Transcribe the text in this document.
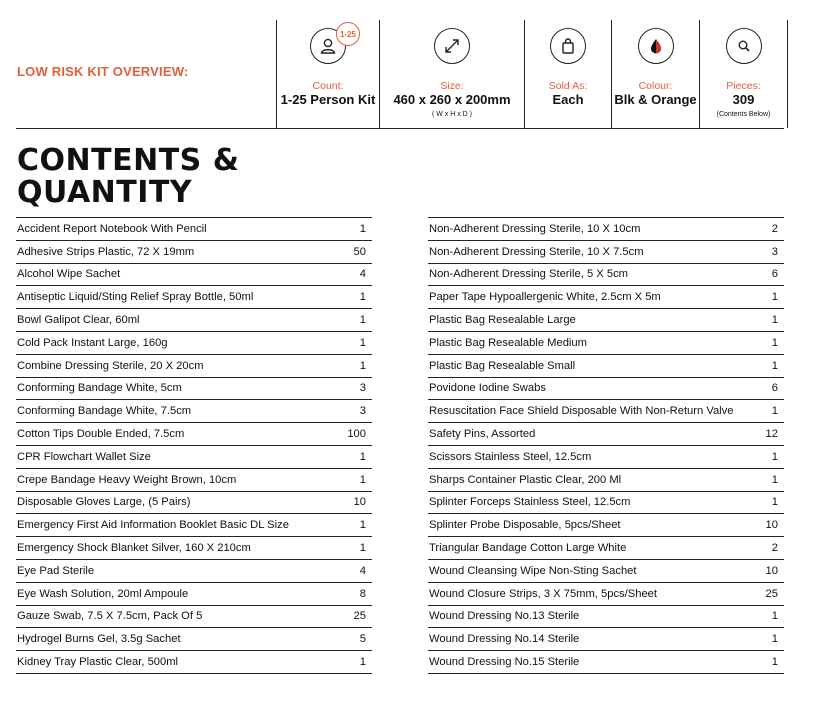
LOW RISK KIT OVERVIEW:
1-25
Count:
1-25 Person Kit
Size:
460 x 260 x 200mm
( W x H x D )
Sold As:
Each
Colour:
Blk & Orange
Pieces:
309
(Contents Below)
CONTENTS & QUANTITY
Accident Report Notebook With Pencil	1
Adhesive Strips Plastic, 72 X 19mm	50
Alcohol Wipe Sachet	4
Antiseptic Liquid/Sting Relief Spray Bottle, 50ml	1
Bowl Galipot Clear, 60ml	1
Cold Pack Instant Large, 160g	1
Combine Dressing Sterile, 20 X 20cm	1
Conforming Bandage White, 5cm	3
Conforming Bandage White, 7.5cm	3
Cotton Tips Double Ended, 7.5cm	100
CPR Flowchart Wallet Size	1
Crepe Bandage Heavy Weight Brown, 10cm	1
Disposable Gloves Large, (5 Pairs)	10
Emergency First Aid Information Booklet Basic DL Size	1
Emergency Shock Blanket Silver, 160 X 210cm	1
Eye Pad Sterile	4
Eye Wash Solution, 20ml Ampoule	8
Gauze Swab, 7.5 X 7.5cm, Pack Of 5	25
Hydrogel Burns Gel, 3.5g Sachet	5
Kidney Tray Plastic Clear, 500ml	1
Non-Adherent Dressing Sterile, 10 X 10cm	2
Non-Adherent Dressing Sterile, 10 X 7.5cm	3
Non-Adherent Dressing Sterile, 5 X 5cm	6
Paper Tape Hypoallergenic White, 2.5cm X 5m	1
Plastic Bag Resealable Large	1
Plastic Bag Resealable Medium	1
Plastic Bag Resealable Small	1
Povidone Iodine Swabs	6
Resuscitation Face Shield Disposable With Non-Return Valve	1
Safety Pins, Assorted	12
Scissors Stainless Steel, 12.5cm	1
Sharps Container Plastic Clear, 200 Ml	1
Splinter Forceps Stainless Steel, 12.5cm	1
Splinter Probe Disposable, 5pcs/Sheet	10
Triangular Bandage Cotton Large White	2
Wound Cleansing Wipe Non-Sting Sachet	10
Wound Closure Strips, 3 X 75mm, 5pcs/Sheet	25
Wound Dressing No.13 Sterile	1
Wound Dressing No.14 Sterile	1
Wound Dressing No.15 Sterile	1
